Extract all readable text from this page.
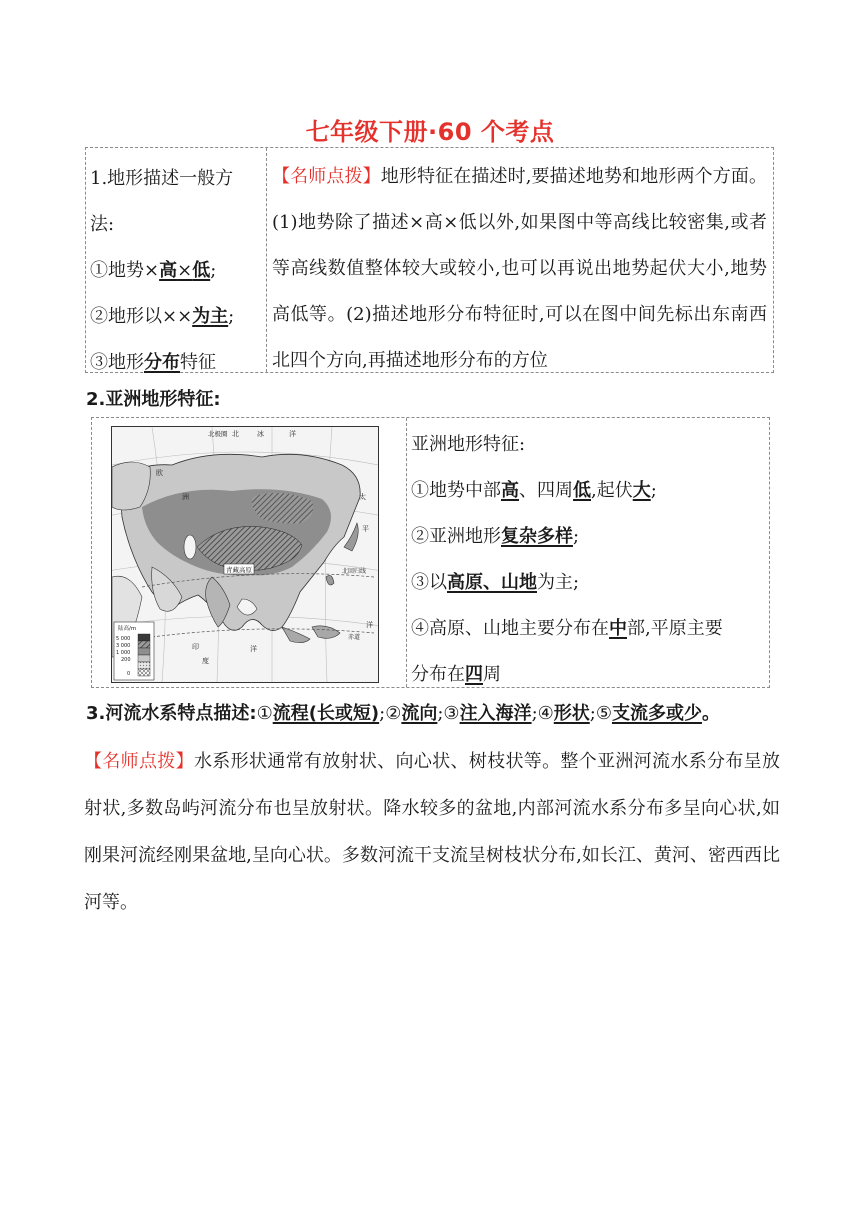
七年级下册·60 个考点
1.地形描述一般方
法:
①地势×高×低;
②地形以××为主;
③地形分布特征
【名师点拨】地形特征在描述时,要描述地势和地形两个方面。(1)地势除了描述×高×低以外,如果图中等高线比较密集,或者等高线数值整体较大或较小,也可以再说出地势起伏大小,地势高低等。(2)描述地形分布特征时,可以在图中间先标出东南西北四个方向,再描述地形分布的方位
2.亚洲地形特征:
北极圈 北	冰	洋
欧
洲	太
平
洋
北回归线
赤道
青藏高原
印
度
洋
陆高/m
5 000
3 000
1 000
200
0
亚洲地形特征:
①地势中部高、四周低,起伏大;
②亚洲地形复杂多样;
③以高原、山地为主;
④高原、山地主要分布在中部,平原主要
分布在四周
3.河流水系特点描述:①流程(长或短);②流向;③注入海洋;④形状;⑤支流多或少。
【名师点拨】水系形状通常有放射状、向心状、树枝状等。整个亚洲河流水系分布呈放射状,多数岛屿河流分布也呈放射状。降水较多的盆地,内部河流水系分布多呈向心状,如刚果河流经刚果盆地,呈向心状。多数河流干支流呈树枝状分布,如长江、黄河、密西西比河等。
